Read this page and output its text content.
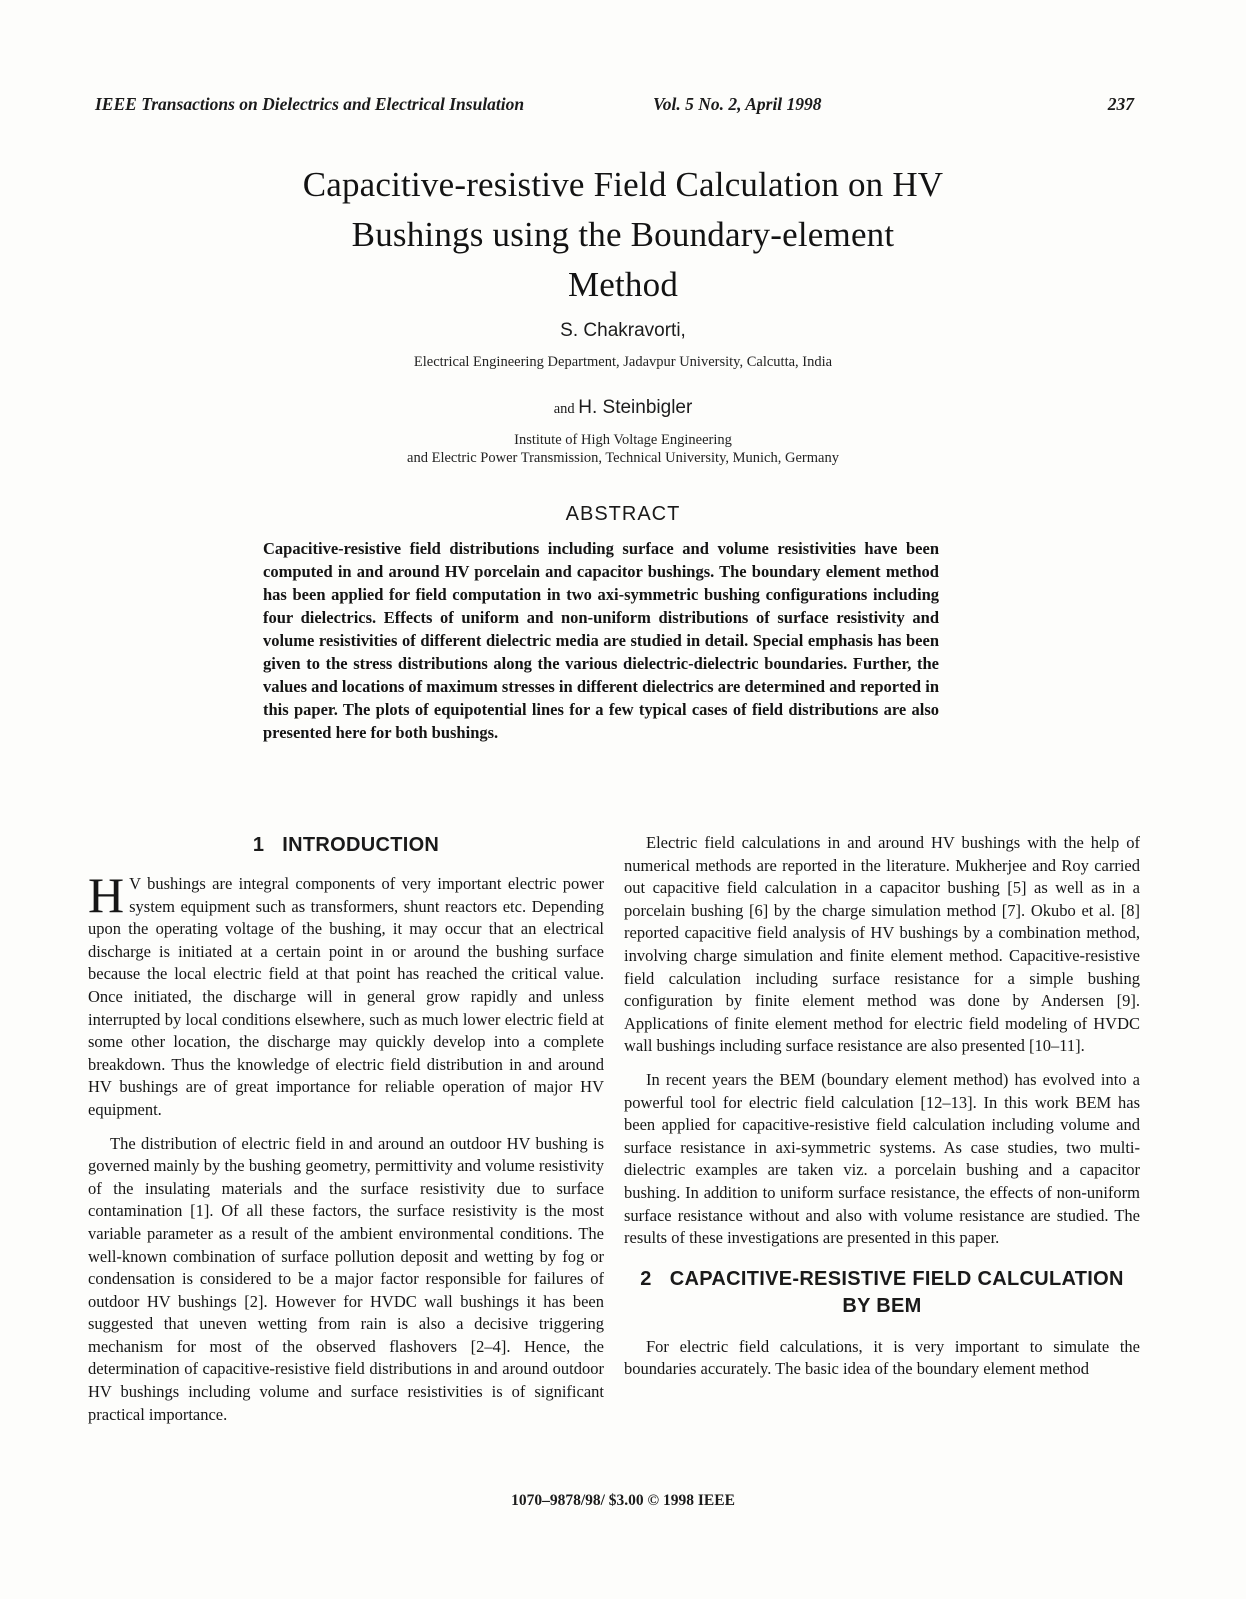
IEEE Transactions on Dielectrics and Electrical Insulation	Vol. 5 No. 2, April 1998	237
Capacitive-resistive Field Calculation on HV
Bushings using the Boundary-element
Method
S. Chakravorti,
Electrical Engineering Department, Jadavpur University, Calcutta, India
and H. Steinbigler
Institute of High Voltage Engineering
and Electric Power Transmission, Technical University, Munich, Germany
ABSTRACT
Capacitive-resistive field distributions including surface and volume resistivities have been computed in and around HV porcelain and capacitor bushings. The boundary element method has been applied for field computation in two axi-symmetric bushing configurations including four dielectrics. Effects of uniform and non-uniform distributions of surface resistivity and volume resistivities of different dielectric media are studied in detail. Special emphasis has been given to the stress distributions along the various dielectric-dielectric boundaries. Further, the values and locations of maximum stresses in different dielectrics are determined and reported in this paper. The plots of equipotential lines for a few typical cases of field distributions are also presented here for both bushings.
1 INTRODUCTION

H V bushings are integral components of very important electric power system equipment such as transformers, shunt reactors etc. Depending upon the operating voltage of the bushing, it may occur that an electrical discharge is initiated at a certain point in or around the bushing surface because the local electric field at that point has reached the critical value. Once initiated, the discharge will in general grow rapidly and unless interrupted by local conditions elsewhere, such as much lower electric field at some other location, the discharge may quickly develop into a complete breakdown. Thus the knowledge of electric field distribution in and around HV bushings are of great importance for reliable operation of major HV equipment.

The distribution of electric field in and around an outdoor HV bushing is governed mainly by the bushing geometry, permittivity and volume resistivity of the insulating materials and the surface resistivity due to surface contamination [1]. Of all these factors, the surface resistivity is the most variable parameter as a result of the ambient environmental conditions. The well-known combination of surface pollution deposit and wetting by fog or condensation is considered to be a major factor responsible for failures of outdoor HV bushings [2]. However for HVDC wall bushings it has been suggested that uneven wetting from rain is also a decisive triggering mechanism for most of the observed flashovers [2–4]. Hence, the determination of capacitive-resistive field distributions in and around outdoor HV bushings including volume and surface resistivities is of significant practical importance.

Electric field calculations in and around HV bushings with the help of numerical methods are reported in the literature. Mukherjee and Roy carried out capacitive field calculation in a capacitor bushing [5] as well as in a porcelain bushing [6] by the charge simulation method [7]. Okubo et al. [8] reported capacitive field analysis of HV bushings by a combination method, involving charge simulation and finite element method. Capacitive-resistive field calculation including surface resistance for a simple bushing configuration by finite element method was done by Andersen [9]. Applications of finite element method for electric field modeling of HVDC wall bushings including surface resistance are also presented [10–11].

In recent years the BEM (boundary element method) has evolved into a powerful tool for electric field calculation [12–13]. In this work BEM has been applied for capacitive-resistive field calculation including volume and surface resistance in axi-symmetric systems. As case studies, two multi-dielectric examples are taken viz. a porcelain bushing and a capacitor bushing. In addition to uniform surface resistance, the effects of non-uniform surface resistance without and also with volume resistance are studied. The results of these investigations are presented in this paper.

2 CAPACITIVE-RESISTIVE FIELD CALCULATION BY BEM

For electric field calculations, it is very important to simulate the boundaries accurately. The basic idea of the boundary element method

1070–9878/98/ $3.00 © 1998 IEEE
